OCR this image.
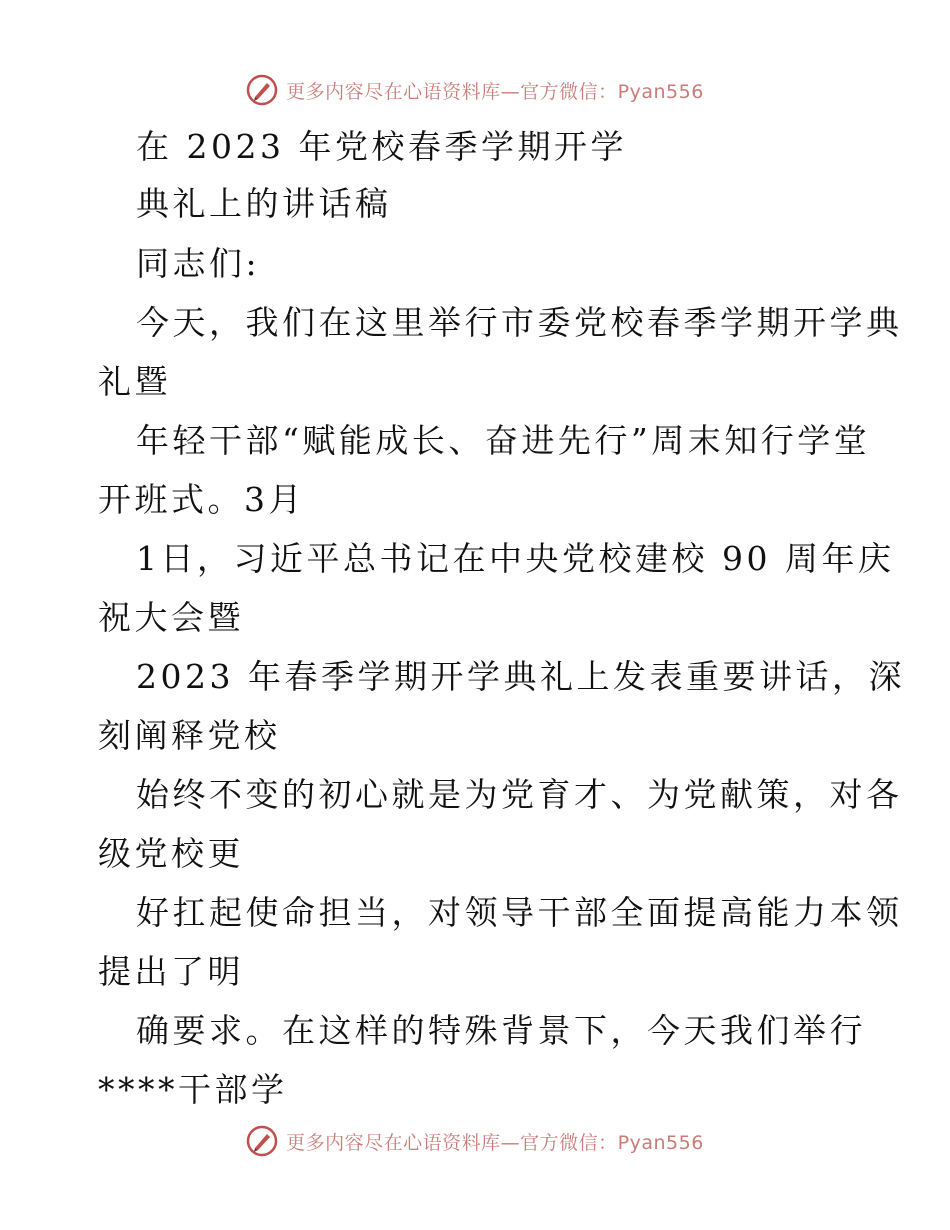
更多内容尽在心语资料库—官方微信：Pyan556
在 2023 年党校春季学期开学
典礼上的讲话稿
同志们:
今天，我们在这里举行市委党校春季学期开学典
礼暨
年轻干部“赋能成长、奋进先行”周末知行学堂
开班式。3月
1日，习近平总书记在中央党校建校 90 周年庆
祝大会暨
2023 年春季学期开学典礼上发表重要讲话，深
刻阐释党校
始终不变的初心就是为党育才、为党献策，对各
级党校更
好扛起使命担当，对领导干部全面提高能力本领
提出了明
确要求。在这样的特殊背景下，今天我们举行
****干部学
更多内容尽在心语资料库—官方微信：Pyan556
